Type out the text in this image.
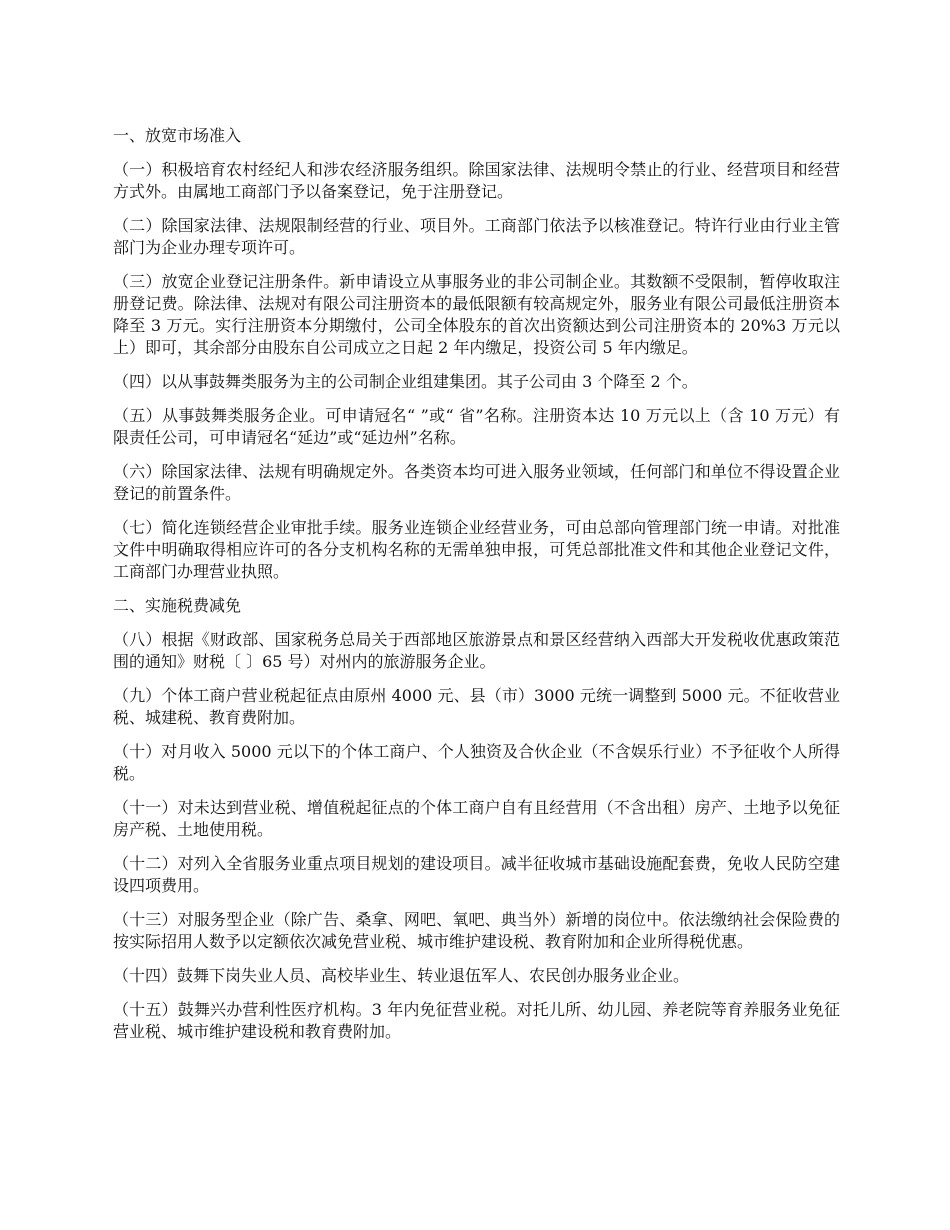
一、放宽市场准入

（一）积极培育农村经纪人和涉农经济服务组织。除国家法律、法规明令禁止的行业、经营项目和经营方式外。由属地工商部门予以备案登记，免于注册登记。

（二）除国家法律、法规限制经营的行业、项目外。工商部门依法予以核准登记。特许行业由行业主管部门为企业办理专项许可。

（三）放宽企业登记注册条件。新申请设立从事服务业的非公司制企业。其数额不受限制，暂停收取注册登记费。除法律、法规对有限公司注册资本的最低限额有较高规定外，服务业有限公司最低注册资本降至 3 万元。实行注册资本分期缴付，公司全体股东的首次出资额达到公司注册资本的 20%3 万元以上）即可，其余部分由股东自公司成立之日起 2 年内缴足，投资公司 5 年内缴足。

（四）以从事鼓舞类服务为主的公司制企业组建集团。其子公司由 3 个降至 2 个。

（五）从事鼓舞类服务企业。可申请冠名“ ”或“ 省”名称。注册资本达 10 万元以上（含 10 万元）有限责任公司，可申请冠名“延边”或“延边州”名称。

（六）除国家法律、法规有明确规定外。各类资本均可进入服务业领域，任何部门和单位不得设置企业登记的前置条件。

（七）简化连锁经营企业审批手续。服务业连锁企业经营业务，可由总部向管理部门统一申请。对批准文件中明确取得相应许可的各分支机构名称的无需单独申报，可凭总部批准文件和其他企业登记文件，工商部门办理营业执照。

二、实施税费减免

（八）根据《财政部、国家税务总局关于西部地区旅游景点和景区经营纳入西部大开发税收优惠政策范围的通知》财税〔 〕65 号）对州内的旅游服务企业。

（九）个体工商户营业税起征点由原州 4000 元、县（市）3000 元统一调整到 5000 元。不征收营业税、城建税、教育费附加。

（十）对月收入 5000 元以下的个体工商户、个人独资及合伙企业（不含娱乐行业）不予征收个人所得税。

（十一）对未达到营业税、增值税起征点的个体工商户自有且经营用（不含出租）房产、土地予以免征房产税、土地使用税。

（十二）对列入全省服务业重点项目规划的建设项目。减半征收城市基础设施配套费，免收人民防空建设四项费用。

（十三）对服务型企业（除广告、桑拿、网吧、氧吧、典当外）新增的岗位中。依法缴纳社会保险费的按实际招用人数予以定额依次减免营业税、城市维护建设税、教育附加和企业所得税优惠。

（十四）鼓舞下岗失业人员、高校毕业生、转业退伍军人、农民创办服务业企业。

（十五）鼓舞兴办营利性医疗机构。3 年内免征营业税。对托儿所、幼儿园、养老院等育养服务业免征营业税、城市维护建设税和教育费附加。
